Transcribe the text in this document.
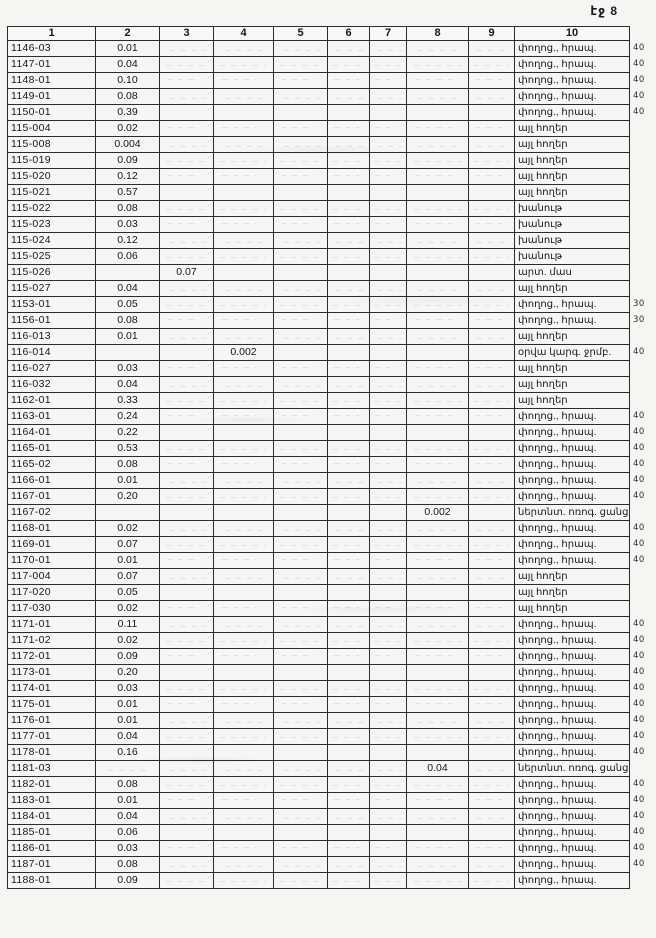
էջ 8
1	2	3	4	5	6	7	8	9	10	
1146-03	0.01								փողոց., հրապ.	40
1147-01	0.04								փողոց., հրապ.	40
1148-01	0.10								փողոց., հրապ.	40
1149-01	0.08								փողոց., հրապ.	40
1150-01	0.39								փողոց., հրապ.	40
115-004	0.02								այլ հողեր	
115-008	0.004								այլ հողեր	
115-019	0.09								այլ հողեր	
115-020	0.12								այլ հողեր	
115-021	0.57								այլ հողեր	
115-022	0.08								խանութ	
115-023	0.03								խանութ	
115-024	0.12								խանութ	
115-025	0.06								խանութ	
115-026		0.07							արտ. մաս	
115-027	0.04								այլ հողեր	
1153-01	0.05								փողոց., հրապ.	30
1156-01	0.08								փողոց., հրապ.	30
116-013	0.01								այլ հողեր	
116-014			0.002						օրվա կարգ. ջրմբ.	40
116-027	0.03								այլ հողեր	
116-032	0.04								այլ հողեր	
1162-01	0.33								այլ հողեր	
1163-01	0.24								փողոց., հրապ.	40
1164-01	0.22								փողոց., հրապ.	40
1165-01	0.53								փողոց., հրապ.	40
1165-02	0.08								փողոց., հրապ.	40
1166-01	0.01								փողոց., հրապ.	40
1167-01	0.20								փողոց., հրապ.	40
1167-02							0.002		ներտնտ. ոռոգ. ցանց	
1168-01	0.02								փողոց., հրապ.	40
1169-01	0.07								փողոց., հրապ.	40
1170-01	0.01								փողոց., հրապ.	40
117-004	0.07								այլ հողեր	
117-020	0.05								այլ հողեր	
117-030	0.02								այլ հողեր	
1171-01	0.11								փողոց., հրապ.	40
1171-02	0.02								փողոց., հրապ.	40
1172-01	0.09								փողոց., հրապ.	40
1173-01	0.20								փողոց., հրապ.	40
1174-01	0.03								փողոց., հրապ.	40
1175-01	0.01								փողոց., հրապ.	40
1176-01	0.01								փողոց., հրապ.	40
1177-01	0.04								փողոց., հրապ.	40
1178-01	0.16								փողոց., հրապ.	40
1181-03							0.04		ներտնտ. ոռոգ. ցանց	
1182-01	0.08								փողոց., հրապ.	40
1183-01	0.01								փողոց., հրապ.	40
1184-01	0.04								փողոց., հրապ.	40
1185-01	0.06								փողոց., հրապ.	40
1186-01	0.03								փողոց., հրապ.	40
1187-01	0.08								փողոց., հրապ.	40
1188-01	0.09								փողոց., հրապ.	
